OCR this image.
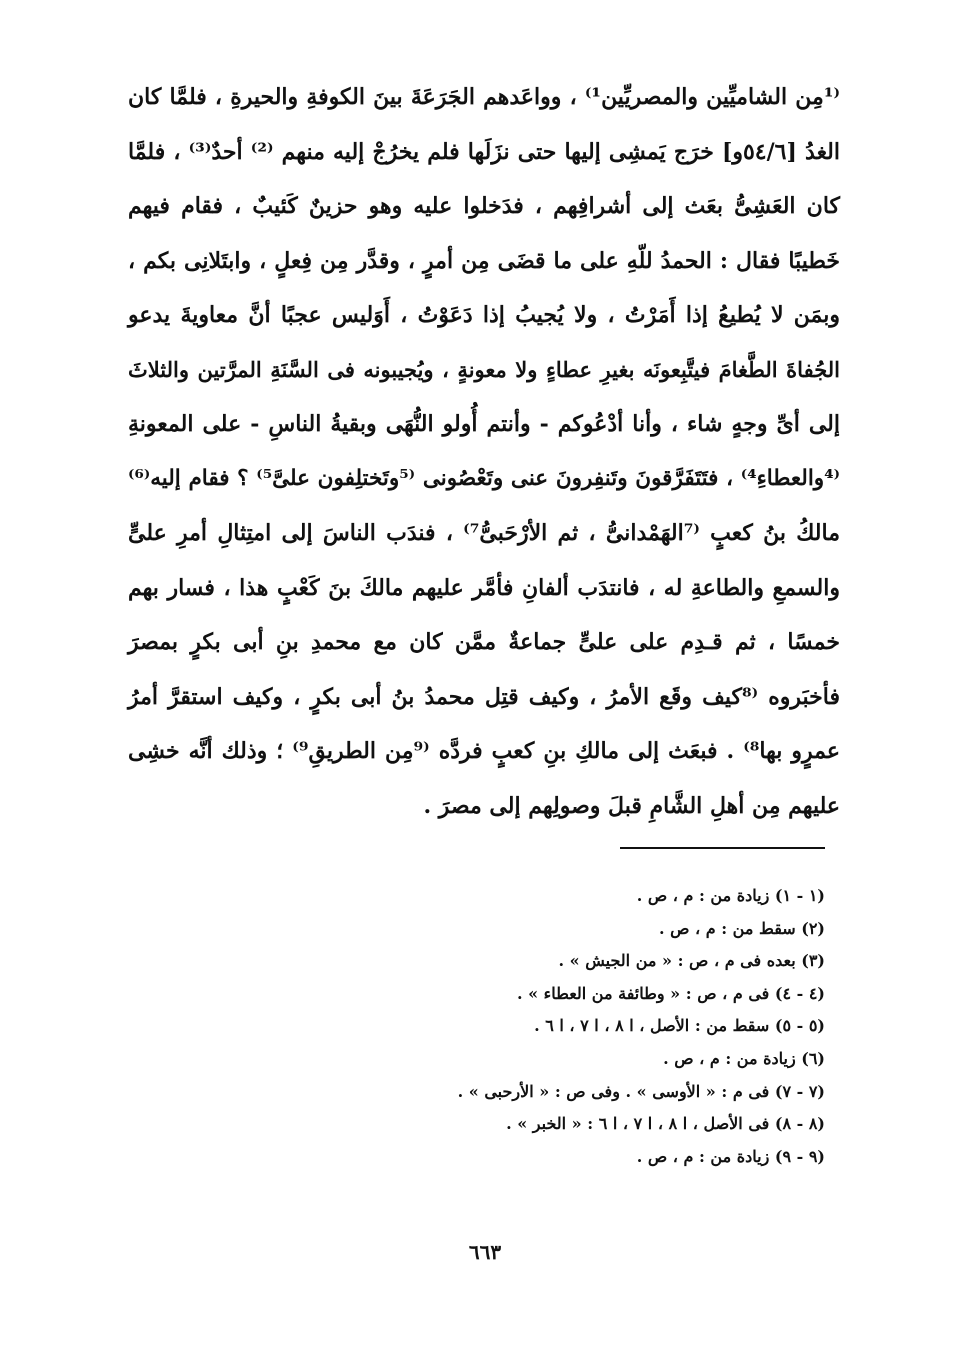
⁽¹مِن الشاميِّين والمصريِّين¹⁾ ، وواعَدهم الجَرَعَةَ بينَ الكوفةِ والحيرةِ ، فلمَّا كان
الغدُ [٥٤/٦و] خرَج يَمشِى إليها حتى نزَلَها فلم يخرُجْ إليه منهم ⁽²⁾ أحدٌ⁽³⁾ ، فلمَّا
كان العَشِىُّ بعَث إلى أشرافِهم ، فدَخلوا عليه وهو حزينٌ كَئيبٌ ، فقام فيهم
خَطيبًا فقال : الحمدُ للّهِ على ما قضَى مِن أمرٍ ، وقدَّر مِن فِعلٍ ، وابتَلانِى بكم ،
وبمَن لا يُطيعُ إذا أَمَرْتُ ، ولا يُجيبُ إذا دَعَوْتُ ، أَوَليس عجبًا أنَّ معاويةَ يدعو
الجُفاةَ الطَّغامَ فيتَّبِعونَه بغيرِ عطاءٍ ولا معونةٍ ، ويُجيبونه فى السَّنَةِ المرَّتين والثلاثَ
إلى أىِّ وجهٍ شاء ، وأنا أدْعُوكم - وأنتم أُولو النُّهَى وبقيةُ الناسِ - على المعونةِ
⁽⁴والعطاءِ⁴⁾ ، فتَتَفَرَّقونَ وتَنفِرونَ عنى وتَعْصُونى ⁽⁵وتَختلِفون علىَّ⁵⁾ ؟ فقام إليه⁽⁶⁾
مالكُ بنُ كعبٍ ⁽⁷الهَمْدانىُّ ، ثم الأرْحَبىُّ⁷⁾ ، فندَب الناسَ إلى امتِثالِ أمرِ علىٍّ
والسمعِ والطاعةِ له ، فانتدَب ألفانِ فأمَّر عليهم مالكَ بنَ كَعْبٍ هذا ، فسار بهم
خمسًا ، ثم قـدِم على علىٍّ جماعةٌ ممَّن كان مع محمدِ بنِ أبى بكرٍ بمصرَ
فأخبَروه ⁽⁸كيف وقَع الأمرُ ، وكيف قتِل محمدُ بنُ أبى بكرٍ ، وكيف استقرَّ أمرُ
عمرٍو بها⁸⁾ . فبعَث إلى مالكِ بنِ كعبٍ فردَّه ⁽⁹مِن الطريقِ⁹⁾ ؛ وذلك أنَّه خشِى
عليهم مِن أهلِ الشَّامِ قبلَ وصولِهم إلى مصرَ .
(١ - ١) زيادة من : م ، ص .
(٢) سقط من : م ، ص .
(٣) بعده فى م ، ص : « من الجيش » .
(٤ - ٤) فى م ، ص : « وطائفة من العطاء » .
(٥ - ٥) سقط من : الأصل ، ا ٨ ، ا ٧ ، ا ٦ .
(٦) زيادة من : م ، ص .
(٧ - ٧) فى م : « الأوسى » . وفى ص : « الأرحبى » .
(٨ - ٨) فى الأصل ، ا ٨ ، ا ٧ ، ا ٦ : « الخبر » .
(٩ - ٩) زيادة من : م ، ص .
٦٦٣
